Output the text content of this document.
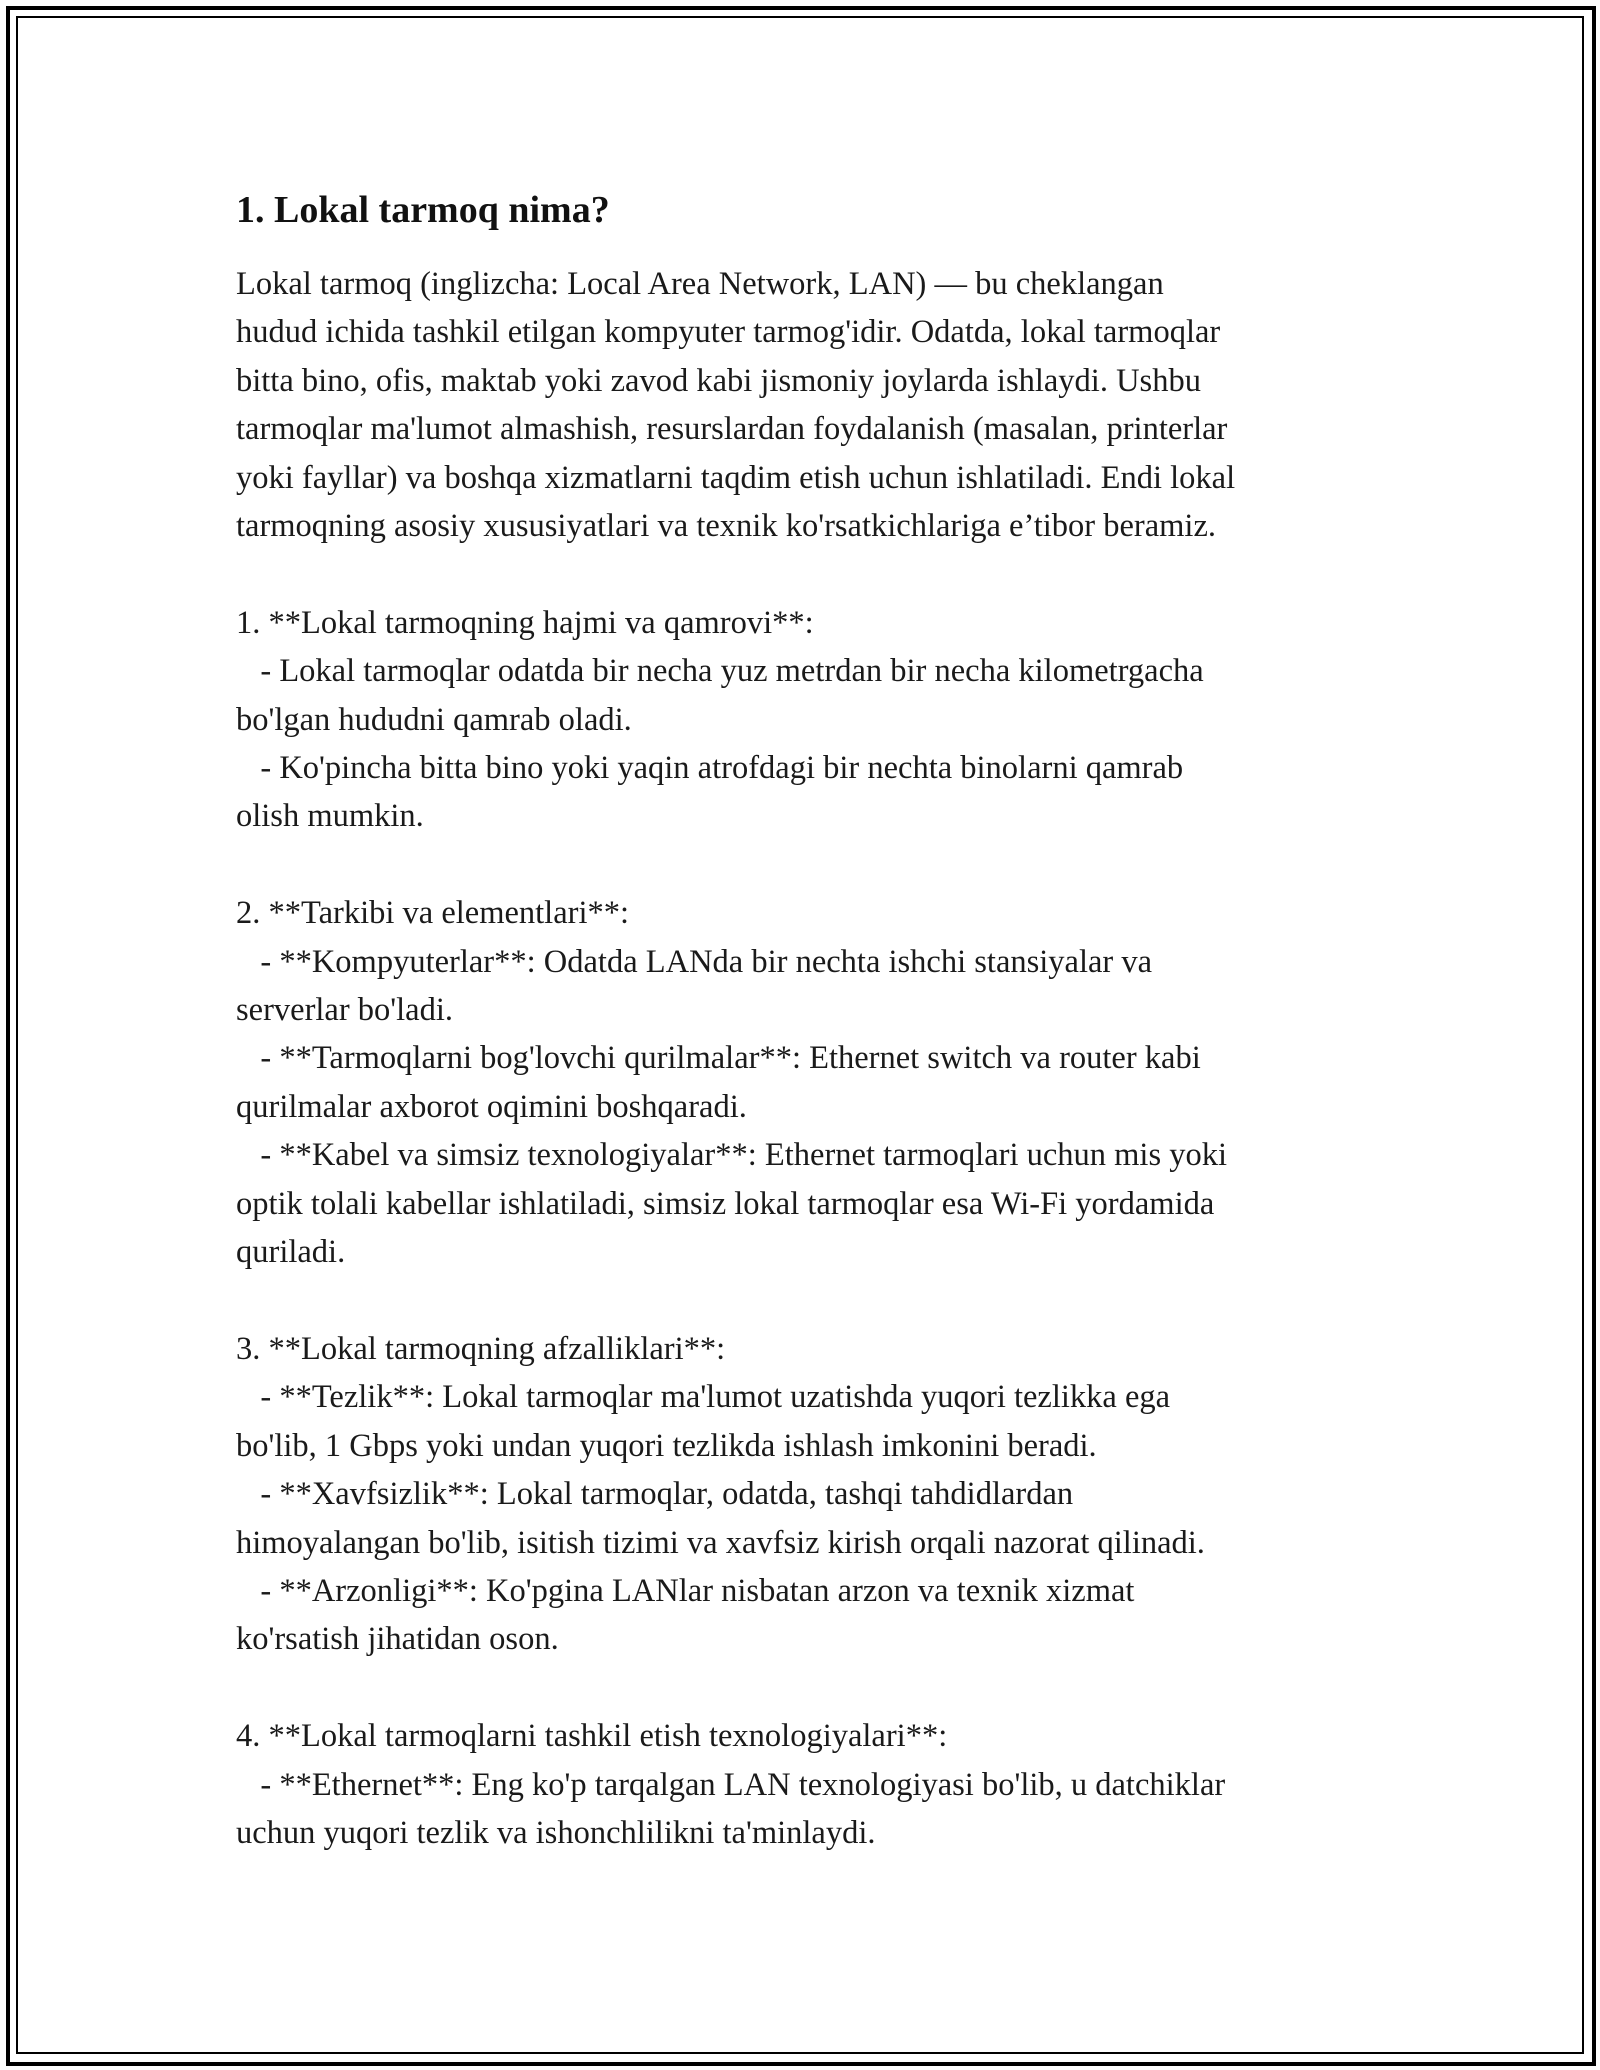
1. Lokal tarmoq nima?

Lokal tarmoq (inglizcha: Local Area Network, LAN) — bu cheklangan
hudud ichida tashkil etilgan kompyuter tarmog'idir. Odatda, lokal tarmoqlar
bitta bino, ofis, maktab yoki zavod kabi jismoniy joylarda ishlaydi. Ushbu
tarmoqlar ma'lumot almashish, resurslardan foydalanish (masalan, printerlar
yoki fayllar) va boshqa xizmatlarni taqdim etish uchun ishlatiladi. Endi lokal
tarmoqning asosiy xususiyatlari va texnik ko'rsatkichlariga e’tibor beramiz.

1. **Lokal tarmoqning hajmi va qamrovi**:

- Lokal tarmoqlar odatda bir necha yuz metrdan bir necha kilometrgacha
bo'lgan hududni qamrab oladi.

- Ko'pincha bitta bino yoki yaqin atrofdagi bir nechta binolarni qamrab
olish mumkin.

2. **Tarkibi va elementlari**:

- **Kompyuterlar**: Odatda LANda bir nechta ishchi stansiyalar va
serverlar bo'ladi.

- **Tarmoqlarni bog'lovchi qurilmalar**: Ethernet switch va router kabi
qurilmalar axborot oqimini boshqaradi.

- **Kabel va simsiz texnologiyalar**: Ethernet tarmoqlari uchun mis yoki
optik tolali kabellar ishlatiladi, simsiz lokal tarmoqlar esa Wi-Fi yordamida
quriladi.

3. **Lokal tarmoqning afzalliklari**:

- **Tezlik**: Lokal tarmoqlar ma'lumot uzatishda yuqori tezlikka ega
bo'lib, 1 Gbps yoki undan yuqori tezlikda ishlash imkonini beradi.

- **Xavfsizlik**: Lokal tarmoqlar, odatda, tashqi tahdidlardan
himoyalangan bo'lib, isitish tizimi va xavfsiz kirish orqali nazorat qilinadi.

- **Arzonligi**: Ko'pgina LANlar nisbatan arzon va texnik xizmat
ko'rsatish jihatidan oson.

4. **Lokal tarmoqlarni tashkil etish texnologiyalari**:

- **Ethernet**: Eng ko'p tarqalgan LAN texnologiyasi bo'lib, u datchiklar
uchun yuqori tezlik va ishonchlilikni ta'minlaydi.
